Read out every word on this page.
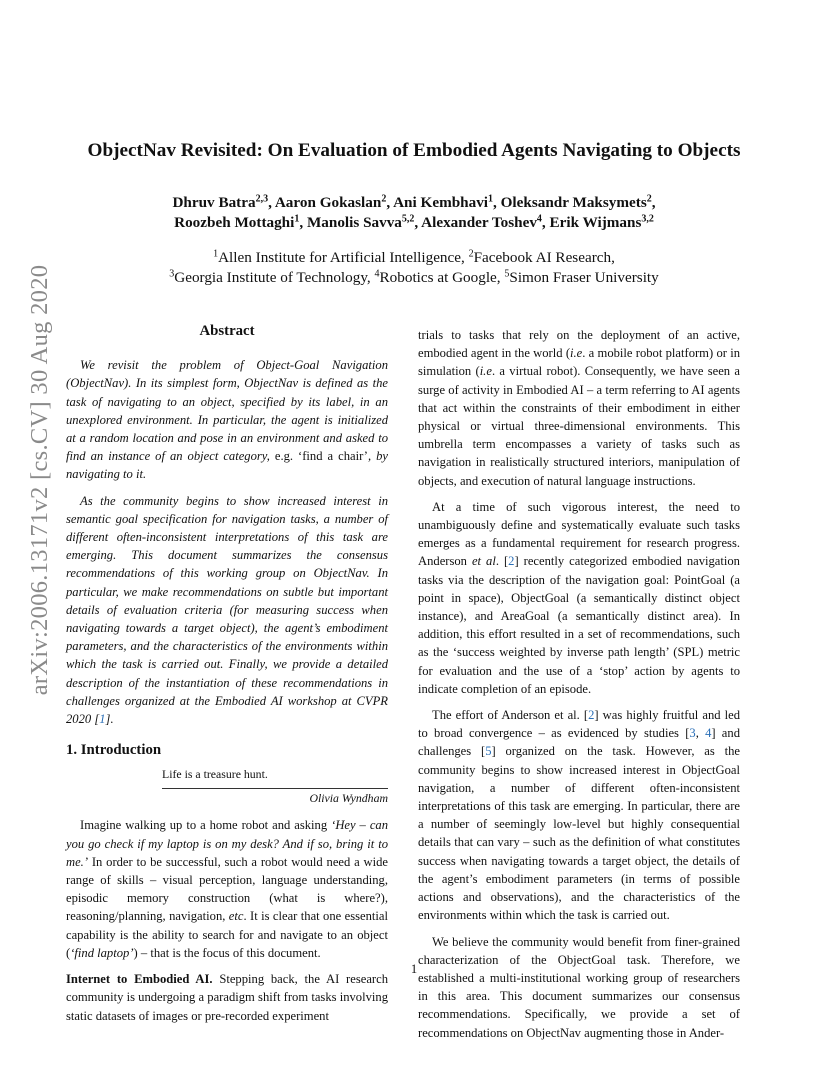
arXiv:2006.13171v2 [cs.CV] 30 Aug 2020
ObjectNav Revisited: On Evaluation of Embodied Agents Navigating to Objects
Dhruv Batra$^{2,3}$, Aaron Gokaslan$^2$, Ani Kembhavi$^1$, Oleksandr Maksymets$^2$,
Roozbeh Mottaghi$^1$, Manolis Savva$^{5,2}$, Alexander Toshev$^4$, Erik Wijmans$^{3,2}$
$^1$Allen Institute for Artificial Intelligence, $^2$Facebook AI Research,
$^3$Georgia Institute of Technology, $^4$Robotics at Google, $^5$Simon Fraser University
Abstract

We revisit the problem of Object-Goal Navigation (ObjectNav). In its simplest form, ObjectNav is defined as the task of navigating to an object, specified by its label, in an unexplored environment. In particular, the agent is initialized at a random location and pose in an environment and asked to find an instance of an object category, e.g. ‘find a chair’, by navigating to it.

As the community begins to show increased interest in semantic goal specification for navigation tasks, a number of different often-inconsistent interpretations of this task are emerging. This document summarizes the consensus recommendations of this working group on ObjectNav. In particular, we make recommendations on subtle but important details of evaluation criteria (for measuring success when navigating towards a target object), the agent’s embodiment parameters, and the characteristics of the environments within which the task is carried out. Finally, we provide a detailed description of the instantiation of these recommendations in challenges organized at the Embodied AI workshop at CVPR 2020 [1].

1. Introduction
Life is a treasure hunt.
Olivia Wyndham

Imagine walking up to a home robot and asking ‘Hey – can you go check if my laptop is on my desk? And if so, bring it to me.’ In order to be successful, such a robot would need a wide range of skills – visual perception, language understanding, episodic memory construction (what is where?), reasoning/planning, navigation, etc. It is clear that one essential capability is the ability to search for and navigate to an object (‘find laptop’) – that is the focus of this document.

Internet to Embodied AI. Stepping back, the AI research community is undergoing a paradigm shift from tasks involving static datasets of images or pre-recorded experiment

trials to tasks that rely on the deployment of an active, embodied agent in the world (i.e. a mobile robot platform) or in simulation (i.e. a virtual robot). Consequently, we have seen a surge of activity in Embodied AI – a term referring to AI agents that act within the constraints of their embodiment in either physical or virtual three-dimensional environments. This umbrella term encompasses a variety of tasks such as navigation in realistically structured interiors, manipulation of objects, and execution of natural language instructions.

At a time of such vigorous interest, the need to unambiguously define and systematically evaluate such tasks emerges as a fundamental requirement for research progress. Anderson et al. [2] recently categorized embodied navigation tasks via the description of the navigation goal: PointGoal (a point in space), ObjectGoal (a semantically distinct object instance), and AreaGoal (a semantically distinct area). In addition, this effort resulted in a set of recommendations, such as the ‘success weighted by inverse path length’ (SPL) metric for evaluation and the use of a ‘stop’ action by agents to indicate completion of an episode.

The effort of Anderson et al. [2] was highly fruitful and led to broad convergence – as evidenced by studies [3, 4] and challenges [5] organized on the task. However, as the community begins to show increased interest in ObjectGoal navigation, a number of different often-inconsistent interpretations of this task are emerging. In particular, there are a number of seemingly low-level but highly consequential details that can vary – such as the definition of what constitutes success when navigating towards a target object, the details of the agent’s embodiment parameters (in terms of possible actions and observations), and the characteristics of the environments within which the task is carried out.

We believe the community would benefit from finer-grained characterization of the ObjectGoal task. Therefore, we established a multi-institutional working group of researchers in this area. This document summarizes our consensus recommendations. Specifically, we provide a set of recommendations on ObjectNav augmenting those in Ander-

1
